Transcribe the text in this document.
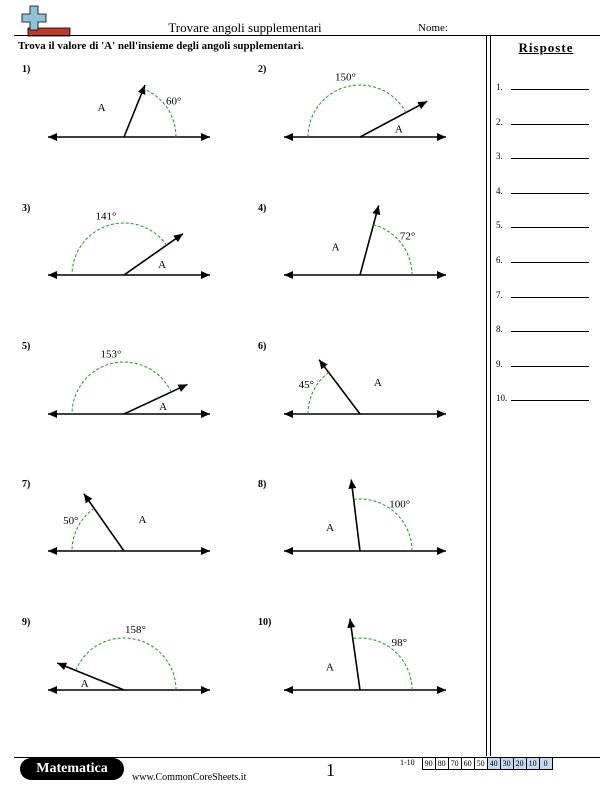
Trovare angoli supplementari	Nome:
Trova il valore di 'A' nell'insieme degli angoli supplementari.	Risposte
1.
2.
3.
4.
5.
6.
7.
8.
9.
10.
1)
60°
A
2)
150°
A
3)
141°
A
4)
72°
A
5)
153°
A
6)
45°	A
7)
50°	A
8)
100°
A
9)
158°
A
10)
98°
A
Matematica
www.CommonCoreSheets.it	1	1-10	90 80 70 60 50 40 30 20 10 0
